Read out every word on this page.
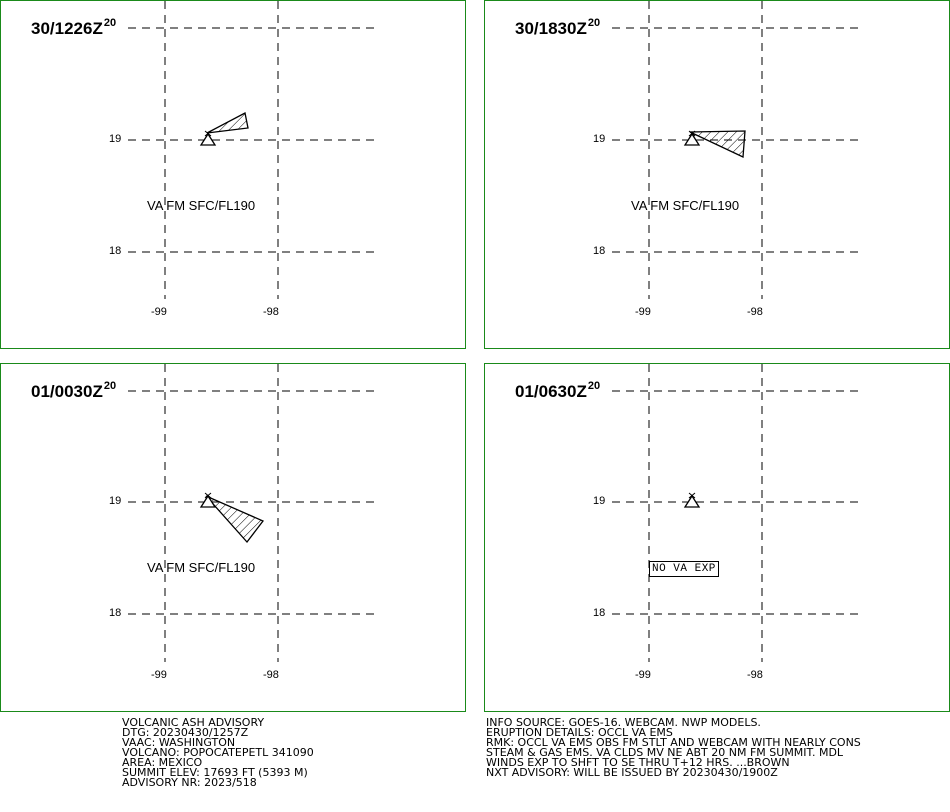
$30/1226Z^{20}$
19
18
-99	-98
VA FM SFC/FL190
$30/1830Z^{20}$
19
18
-99	-98
VA FM SFC/FL190
$01/0030Z^{20}$
19
18
-99	-98
VA FM SFC/FL190
$01/0630Z^{20}$
19
18
-99	-98
NO VA EXP
VOLCANIC ASH ADVISORY
DTG: 20230430/1257Z
VAAC: WASHINGTON
VOLCANO: POPOCATEPETL 341090
AREA: MEXICO
SUMMIT ELEV: 17693 FT (5393 M)
ADVISORY NR: 2023/518
INFO SOURCE: GOES-16. WEBCAM. NWP MODELS.
ERUPTION DETAILS: OCCL VA EMS
RMK: OCCL VA EMS OBS FM STLT AND WEBCAM WITH NEARLY CONS
STEAM & GAS EMS. VA CLDS MV NE ABT 20 NM FM SUMMIT. MDL
WINDS EXP TO SHFT TO SE THRU T+12 HRS. ...BROWN
NXT ADVISORY: WILL BE ISSUED BY 20230430/1900Z
